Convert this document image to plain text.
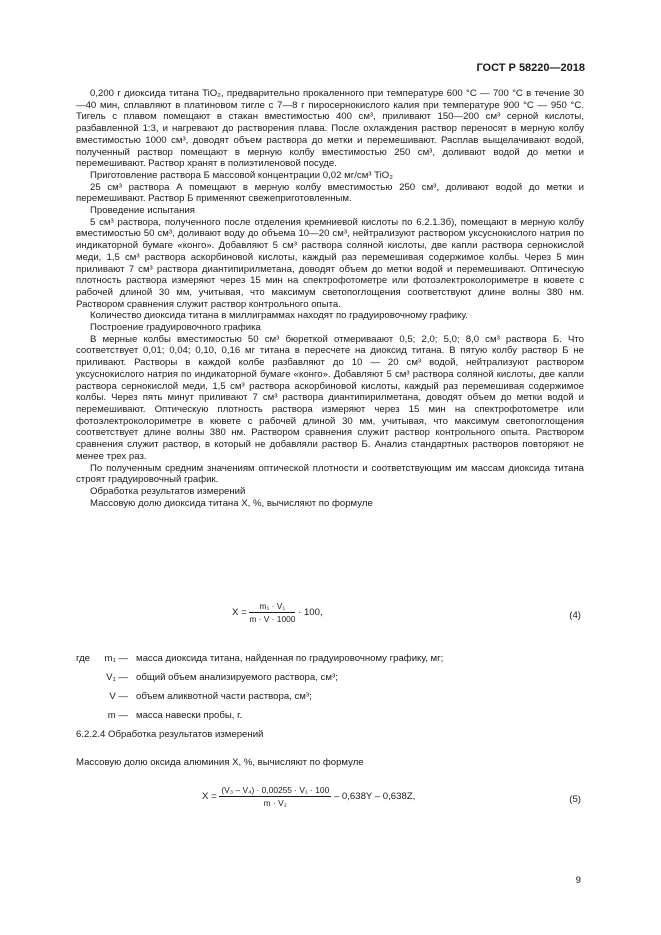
ГОСТ Р 58220—2018

0,200 г диоксида титана TiO₂, предварительно прокаленного при температуре 600 °С — 700 °С в течение 30—40 мин, сплавляют в платиновом тигле с 7—8 г пиросернокислого калия при температуре 900 °С — 950 °С. Тигель с плавом помещают в стакан вместимостью 400 см³, приливают 150—200 см³ серной кислоты, разбавленной 1:3, и нагревают до растворения плава. После охлаждения раствор переносят в мерную колбу вместимостью 1000 см³, доводят объем раствора до метки и перемешивают. Расплав выщелачивают водой, полученный раствор помещают в мерную колбу вместимостью 250 см³, доливают водой до метки и перемешивают. Раствор хранят в полиэтиленовой посуде.

Приготовление раствора Б массовой концентрации 0,02 мг/см³ TiO₂

25 см³ раствора А помещают в мерную колбу вместимостью 250 см³, доливают водой до метки и перемешивают. Раствор Б применяют свежеприготовленным.

Проведение испытания

5 см³ раствора, полученного после отделения кремниевой кислоты по 6.2.1.3б), помещают в мерную колбу вместимостью 50 см³, доливают воду до объема 10—20 см³, нейтрализуют раствором уксуснокислого натрия по индикаторной бумаге «конго». Добавляют 5 см³ раствора соляной кислоты, две капли раствора сернокислой меди, 1,5 см³ раствора аскорбиновой кислоты, каждый раз перемешивая содержимое колбы. Через 5 мин приливают 7 см³ раствора диантипирилметана, доводят объем до метки водой и перемешивают. Оптическую плотность раствора измеряют через 15 мин на спектрофотометре или фотоэлектроколориметре в кювете с рабочей длиной 30 мм, учитывая, что максимум светопоглощения соответствуют длине волны 380 нм. Раствором сравнения служит раствор контрольного опыта.

Количество диоксида титана в миллиграммах находят по градуировочному графику.

Построение градуировочного графика

В мерные колбы вместимостью 50 см³ бюреткой отмериваают 0,5; 2,0; 5,0; 8,0 см³ раствора Б. Что соответствует 0,01; 0,04; 0,10, 0,16 мг титана в пересчете на диоксид титана. В пятую колбу раствор Б не приливают. Растворы в каждой колбе разбавляют до 10 — 20 см³ водой, нейтрализуют раствором уксуснокислого натрия по индикаторной бумаге «конго». Добавляют 5 см³ раствора соляной кислоты, две капли раствора сернокислой меди, 1,5 см³ раствора аскорбиновой кислоты, каждый раз перемешивая содержимое колбы. Через пять минут приливают 7 см³ раствора диантипирилметана, доводят объем до метки водой и перемешивают. Оптическую плотность раствора измеряют через 15 мин на спектрофотометре или фотоэлектроколориметре в кювете с рабочей длиной 30 мм, учитывая, что максимум светопоглощения соответствует длине волны 380 нм. Раствором сравнения служит раствор контрольного опыта. Раствором сравнения служит раствор, в который не добавляли раствор Б. Анализ стандартных растворов повторяют не менее трех раз.

По полученным средним значениям оптической плотности и соответствующим им массам диоксида титана строят градуировочный график.

Обработка результатов измерений

Массовую долю диоксида титана X, %, вычисляют по формуле

$X = \frac{\text{m₁ · V₁}}{m \cdot V \cdot 1000} \cdot 100$,	(4)
где	m₁ — масса диоксида титана, найденная по градуировочному графику, мг;
V₁ — общий объем анализируемого раствора, см³;
V — объем аликвотной части раствора, см³;
m — масса навески пробы, г.
6.2.2.4 Обработка результатов измерений
Массовую долю оксида алюминия X, %, вычисляют по формуле
$X = \frac{\text{(V₃ – V₄) · 0,00255 · V₁ · 100}}{\text{m · V₂}} - 0,638Y - 0,638Z$,	(5)
9
